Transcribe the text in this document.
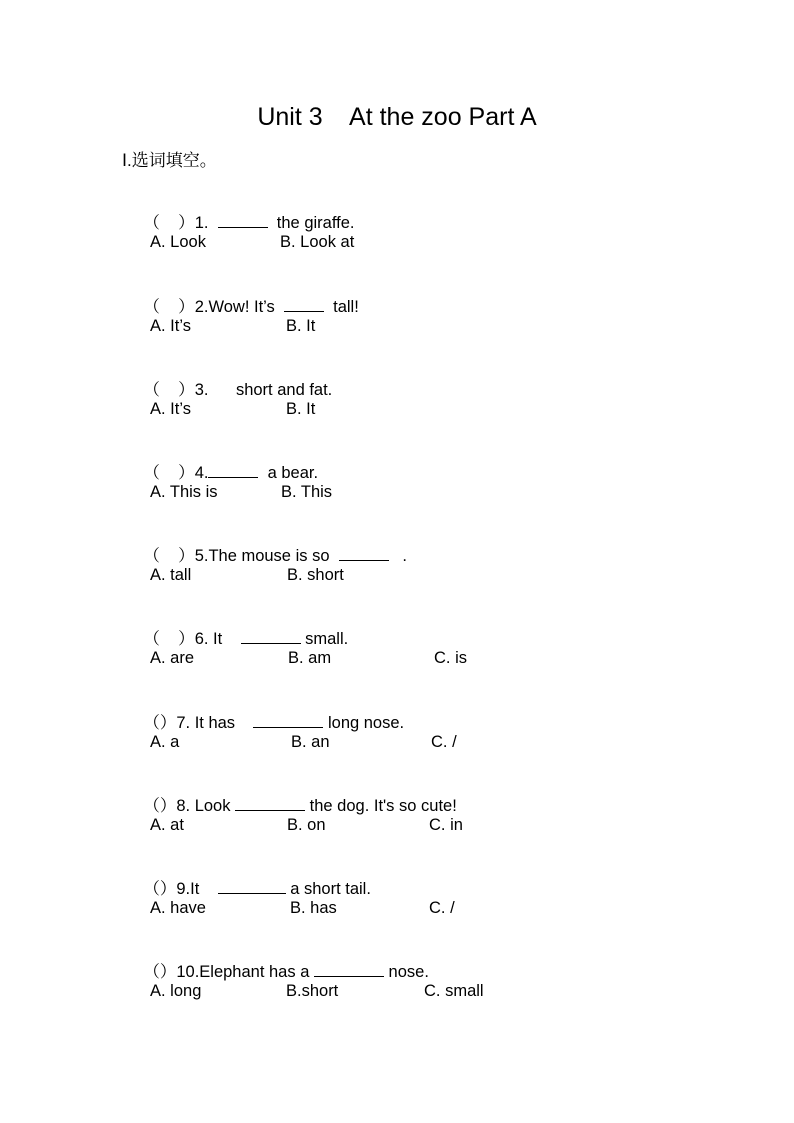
Unit 3    At the zoo Part A
Ⅰ.选词填空。

（    ）1.	the giraffe.

A. Look	B. Look at

（    ）2.Wow! It’s    tall!

A. It’s	B. It

（    ）3.      short and fat.

A. It’s	B. It

（    ）4.	a bear.

A. This is	B. This

（    ）5.The mouse is so	.

A. tall	B. short

（    ）6. It	small.

A. are	B. am	C. is

（）7. It has	long nose.

A. a	B. an	C. /

（）8. Look	the dog. It's so cute!

A. at	B. on	C. in

（）9.It	a short tail.

A. have	B. has	C. /

（）10.Elephant has a	nose.

A. long	B.short	C. small
